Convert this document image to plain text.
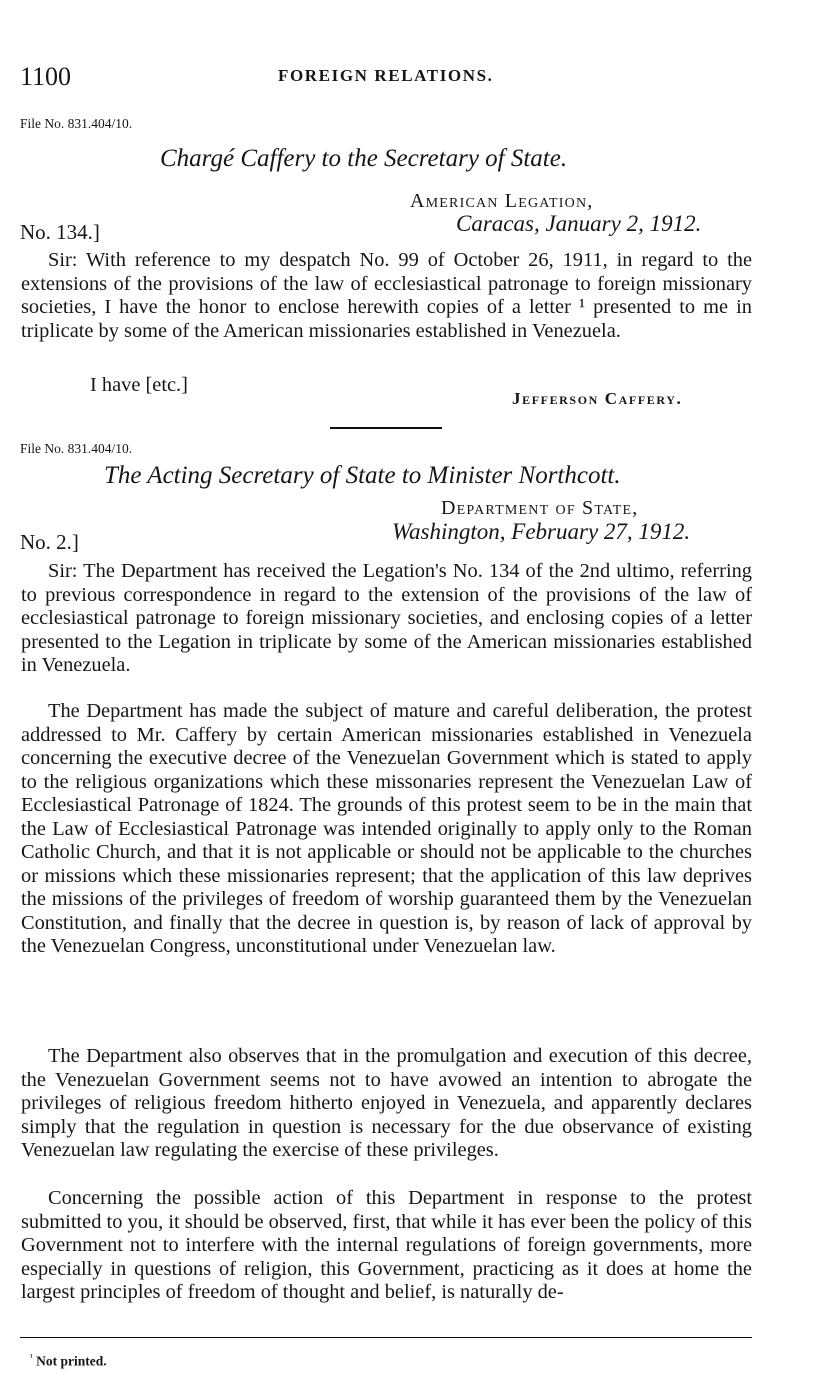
1100	FOREIGN RELATIONS.
File No. 831.404/10.
Chargé Caffery to the Secretary of State.
American Legation,
No. 134.]	Caracas, January 2, 1912.
Sir: With reference to my despatch No. 99 of October 26, 1911, in regard to the extensions of the provisions of the law of ecclesiastical patronage to foreign missionary societies, I have the honor to enclose herewith copies of a letter ¹ presented to me in triplicate by some of the American missionaries established in Venezuela.
I have [etc.]
Jefferson Caffery.
File No. 831.404/10.
The Acting Secretary of State to Minister Northcott.
Department of State,
No. 2.]	Washington, February 27, 1912.
Sir: The Department has received the Legation's No. 134 of the 2nd ultimo, referring to previous correspondence in regard to the extension of the provisions of the law of ecclesiastical patronage to foreign missionary societies, and enclosing copies of a letter presented to the Legation in triplicate by some of the American missionaries established in Venezuela.
The Department has made the subject of mature and careful deliberation, the protest addressed to Mr. Caffery by certain American missionaries established in Venezuela concerning the executive decree of the Venezuelan Government which is stated to apply to the religious organizations which these missonaries represent the Venezuelan Law of Ecclesiastical Patronage of 1824. The grounds of this protest seem to be in the main that the Law of Ecclesiastical Patronage was intended originally to apply only to the Roman Catholic Church, and that it is not applicable or should not be applicable to the churches or missions which these missionaries represent; that the application of this law deprives the missions of the privileges of freedom of worship guaranteed them by the Venezuelan Constitution, and finally that the decree in question is, by reason of lack of approval by the Venezuelan Congress, unconstitutional under Venezuelan law.
The Department also observes that in the promulgation and execution of this decree, the Venezuelan Government seems not to have avowed an intention to abrogate the privileges of religious freedom hitherto enjoyed in Venezuela, and apparently declares simply that the regulation in question is necessary for the due observance of existing Venezuelan law regulating the exercise of these privileges.
Concerning the possible action of this Department in response to the protest submitted to you, it should be observed, first, that while it has ever been the policy of this Government not to interfere with the internal regulations of foreign governments, more especially in questions of religion, this Government, practicing as it does at home the largest principles of freedom of thought and belief, is naturally de-
$^{^1}$ Not printed.
